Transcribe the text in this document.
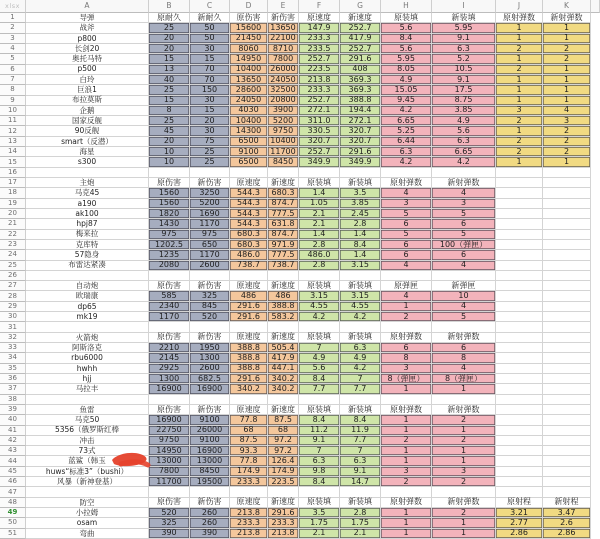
xlsx	A	B	C	D	E	F	G	H	I	J	K
1	导弹	原耐久	新耐久	原伤害	新伤害	原速度	新速度	原装填	新装填	原射弹数	新射弹数
2	战斧	25	50	15600	13650	147.9	252.7	5.6	5.95	1	1
3	p800	20	50	21450	22100	233.3	417.9	8.4	9.1	1	1
4	长剑20	20	30	8060	8710	233.5	252.7	5.6	6.3	2	2
5	奥托马特	15	15	14950	7800	252.7	291.6	5.95	5.2	1	2
6	p500	13	70	10400	26000	223.5	408	8.05	10.5	2	1
7	白玲	40	70	13650	24050	213.8	369.3	4.9	9.1	1	1
8	巨浪1	25	150	28600	32500	233.3	369.3	15.05	17.5	1	1
9	布拉莫斯	15	30	24050	20800	252.7	388.8	9.45	8.75	1	1
10	企鹅	8	15	4030	3900	272.1	194.4	4.2	3.85	3	4
11	国家反舰	25	20	10400	5200	311.0	272.1	6.65	4.9	2	3
12	90反舰	45	30	14300	9750	330.5	320.7	5.25	5.6	1	2
13	smart（反潜）	20	75	6500	10400	320.7	320.7	6.44	6.3	2	2
14	海星	10	25	9100	11700	252.7	291.6	6.3	6.65	2	2
15	s300	10	25	6500	8450	349.9	349.9	4.2	4.2	1	1
16
17	主炮	原伤害	新伤害	原速度	新速度	原装填	新装填	原射弹数	新射弹数
18	马克45	1560	3250	544.3	680.3	1.4	3.5	4	4
19	a190	1560	5200	544.3	874.7	1.05	3.85	3	3
20	ak100	1820	1690	544.3	777.5	2.1	2.45	5	5
21	hpj87	1430	1170	544.3	631.8	2.1	2.8	6	6
22	梅来拉	975	975	680.3	874.7	1.4	1.4	5	5
23	克库特	1202.5	650	680.3	971.9	2.8	8.4	6	100（弹匣）
24	57隐身	1235	1170	486.0	777.5	486.0	1.4	6	6
25	布雷达紧凑	2080	2600	738.7	738.7	2.8	3.15	4	4
26
27	自动炮	原伤害	新伤害	原速度	新速度	原装填	新装填	原弹匣	新弹匣
28	欧瑞康	585	325	486	486	3.15	3.15	4	10
29	dp65	2340	845	291.6	388.8	4.55	4.55	1	4
30	mk19	1170	520	291.6	583.2	4.2	4.2	2	5
31
32	火箭炮	原伤害	新伤害	原速度	新速度	原装填	新装填	原射弹数	新射弹数
33	阿斯洛克	2210	1950	388.8	505.4	7	6.3	6	6
34	rbu6000	2145	1300	388.8	417.9	4.9	4.9	8	8
35	hwhh	2925	2600	388.8	447.1	5.6	4.2	3	4
36	hjj	1300	682.5	291.6	340.2	8.4	7	8（弹匣）	8（弹匣）
37	马拉丰	16900	16900	340.2	340.2	7.7	7.7	1	1
38
39	鱼雷	原伤害	新伤害	原速度	新速度	原装填	新装填	原射弹数	新射弹数
40	马克50	16900	9100	77.8	87.5	8.4	8.4	1	2
41	5356（俄罗斯红棒	22750	26000	68	68	11.2	11.9	1	1
42	冲击	9750	9100	87.5	97.2	9.1	7.7	2	2
43	73式	14950	16900	93.3	97.2	7	7	1	1
44	蓝鲨（韩玉	13000	13000	77.8	126.4	6.3	6.3	1	1
45	huws“标准3”（bushi）	7800	8450	174.9	174.9	9.8	9.1	3	3
46	风暴（新神登基）	11700	19500	233.3	223.5	8.4	14.7	2	2
47
48	防空	原伤害	新伤害	原速度	新速度	原装填	新装填	原射弹数	新射弹数	原射程	新射程
49	小拉姆	520	260	213.8	291.6	3.5	2.8	1	2	3.21	3.47
50	osam	325	260	233.3	233.3	1.75	1.75	1	1	2.77	2.6
51	弯曲	390	390	213.8	213.8	2.1	2.1	1	1	2.86	2.86
